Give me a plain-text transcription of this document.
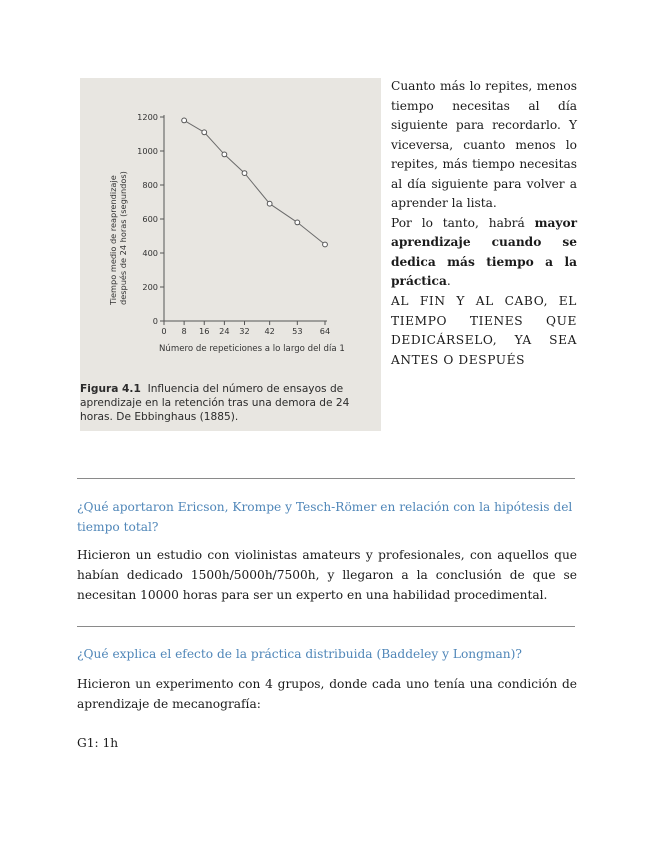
Tiempo medio de reaprendizaje después de 24 horas (segundos)
Número de repeticiones a lo largo del día 1
0
200
400
600
800
1000
1200
0 8 16 24 32 42 53 64
Figura 4.1 Influencia del número de ensayos de aprendizaje en la retención tras una demora de 24 horas. De Ebbinghaus (1885).

Cuanto más lo repites, menos tiempo necesitas al día siguiente para recordarlo. Y viceversa, cuanto menos lo repites, más tiempo necesitas al día siguiente para volver a aprender la lista.

Por lo tanto, habrá mayor aprendizaje cuando se dedica más tiempo a la práctica.

AL FIN Y AL CABO, EL TIEMPO TIENES QUE DEDICÁRSELO, YA SEA ANTES O DESPUÉS
¿Qué aportaron Ericson, Krompe y Tesch-Römer en relación con la hipótesis del tiempo total?
Hicieron un estudio con violinistas amateurs y profesionales, con aquellos que habían dedicado 1500h/5000h/7500h, y llegaron a la conclusión de que se necesitan 10000 horas para ser un experto en una habilidad procedimental.
¿Qué explica el efecto de la práctica distribuida (Baddeley y Longman)?
Hicieron un experimento con 4 grupos, donde cada uno tenía una condición de aprendizaje de mecanografía:
G1: 1h
